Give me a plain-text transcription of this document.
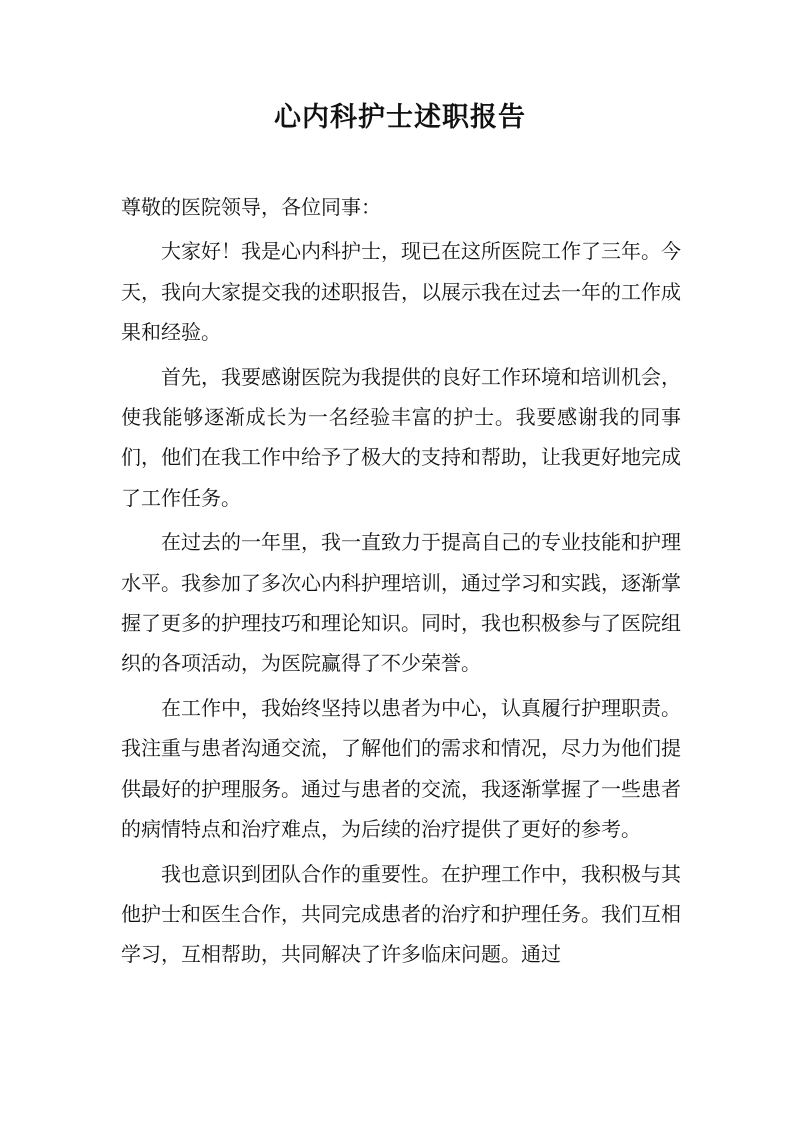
心内科护士述职报告

尊敬的医院领导，各位同事：

大家好！我是心内科护士，现已在这所医院工作了三年。今天，我向大家提交我的述职报告，以展示我在过去一年的工作成果和经验。

首先，我要感谢医院为我提供的良好工作环境和培训机会，使我能够逐渐成长为一名经验丰富的护士。我要感谢我的同事们，他们在我工作中给予了极大的支持和帮助，让我更好地完成了工作任务。

在过去的一年里，我一直致力于提高自己的专业技能和护理水平。我参加了多次心内科护理培训，通过学习和实践，逐渐掌握了更多的护理技巧和理论知识。同时，我也积极参与了医院组织的各项活动，为医院赢得了不少荣誉。

在工作中，我始终坚持以患者为中心，认真履行护理职责。我注重与患者沟通交流，了解他们的需求和情况，尽力为他们提供最好的护理服务。通过与患者的交流，我逐渐掌握了一些患者的病情特点和治疗难点，为后续的治疗提供了更好的参考。

我也意识到团队合作的重要性。在护理工作中，我积极与其他护士和医生合作，共同完成患者的治疗和护理任务。我们互相学习，互相帮助，共同解决了许多临床问题。通过
